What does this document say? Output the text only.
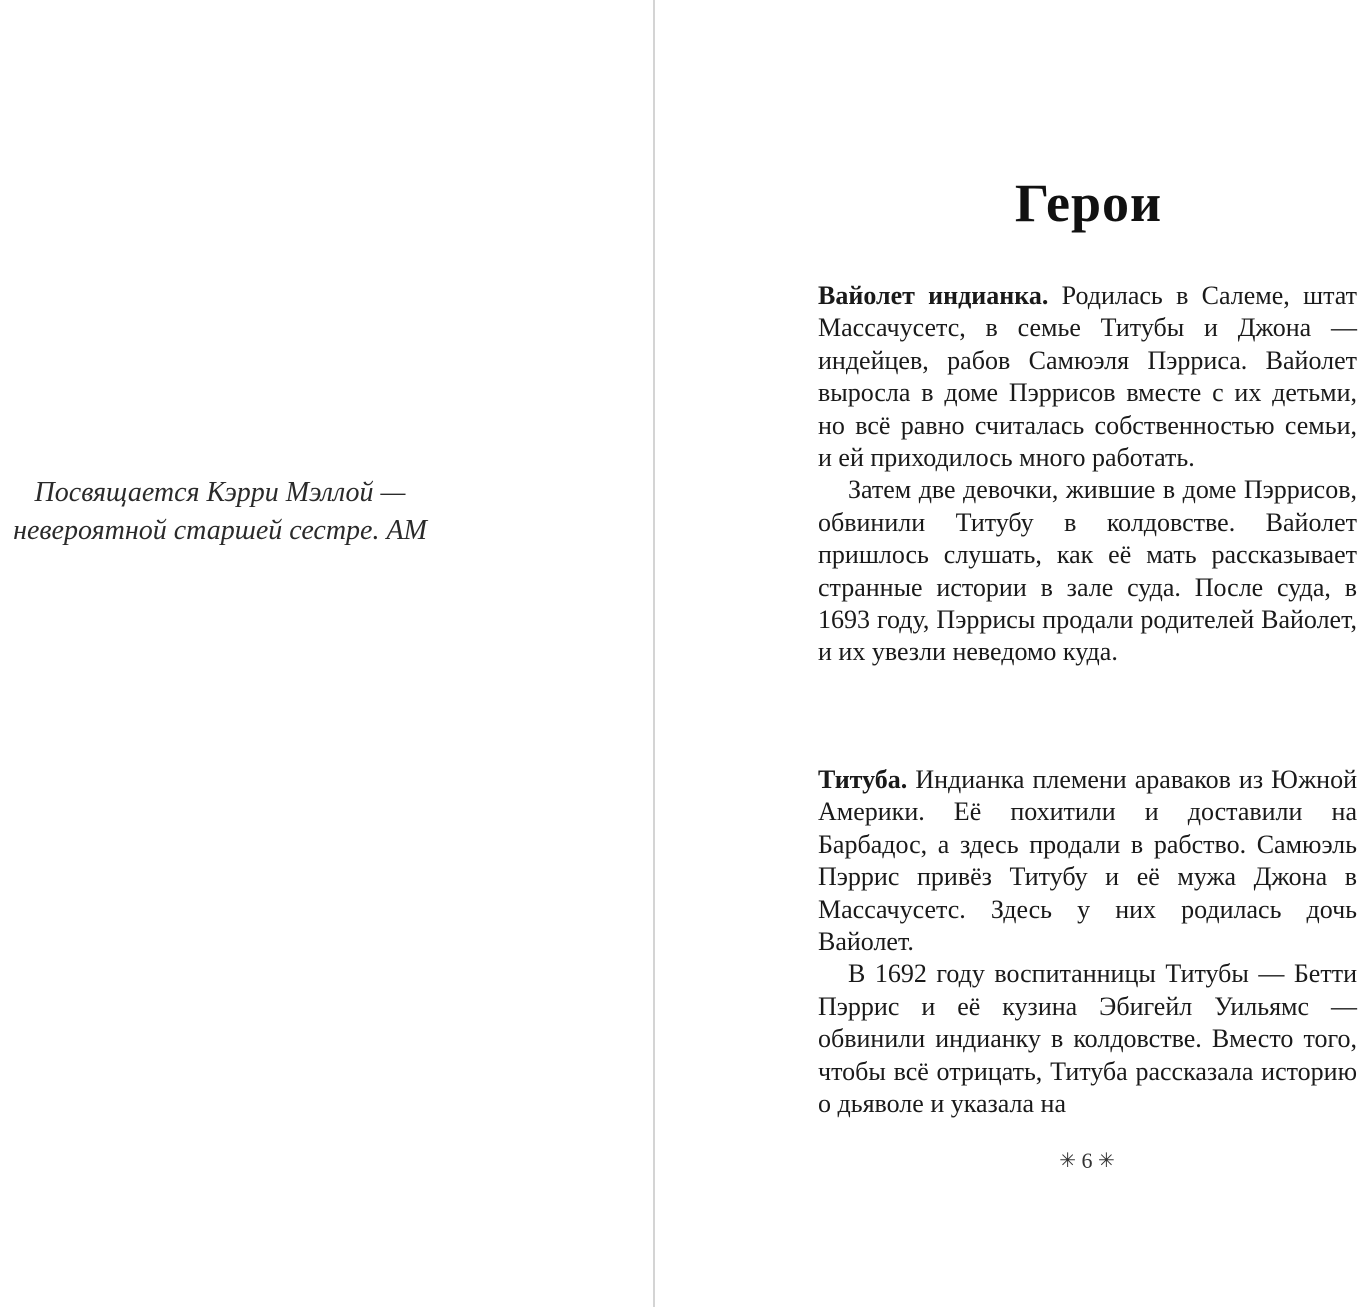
Посвящается Кэрри Мэллой —
невероятной старшей сестре. АМ
Герои

Вайолет индианка. Родилась в Салеме, штат Массачусетс, в семье Титубы и Джона — индейцев, рабов Самюэля Пэрриса. Вайолет выросла в доме Пэррисов вместе с их детьми, но всё равно считалась собственностью семьи, и ей приходилось много работать.

Затем две девочки, жившие в доме Пэррисов, обвинили Титубу в колдовстве. Вайолет пришлось слушать, как её мать рассказывает странные истории в зале суда. После суда, в 1693 году, Пэррисы продали родителей Вайолет, и их увезли неведомо куда.

Титуба. Индианка племени араваков из Южной Америки. Её похитили и доставили на Барбадос, а здесь продали в рабство. Самюэль Пэррис привёз Титубу и её мужа Джона в Массачусетс. Здесь у них родилась дочь Вайолет.

В 1692 году воспитанницы Титубы — Бетти Пэррис и её кузина Эбигейл Уильямс — обвинили индианку в колдовстве. Вместо того, чтобы всё отрицать, Титуба рассказала историю о дьяволе и указала на

✳ 6 ✳
